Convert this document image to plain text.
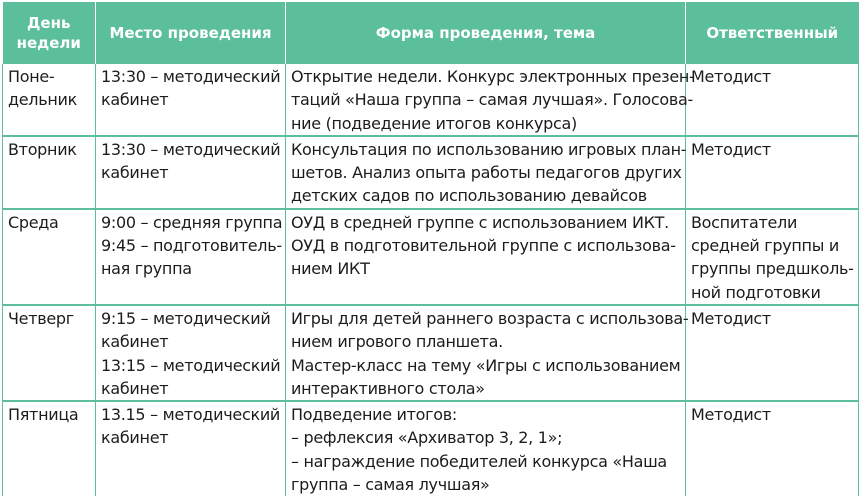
День
недели	Место проведения	Форма проведения, тема	Ответственный

Поне-
дельник	13:30 – методический
кабинет	Открытие недели. Конкурс электронных презен-
таций «Наша группа – самая лучшая». Голосова-
ние (подведение итогов конкурса)	Методист

Вторник	13:30 – методический
кабинет	Консультация по использованию игровых план-
шетов. Анализ опыта работы педагогов других
детских садов по использованию девайсов	Методист

Среда	9:00 – средняя группа
9:45 – подготовитель-
ная группа	ОУД в средней группе с использованием ИКТ.
ОУД в подготовительной группе с использова-
нием ИКТ	Воспитатели
средней группы и
группы предшколь-
ной подготовки

Четверг	9:15 – методический
кабинет
13:15 – методический
кабинет	Игры для детей раннего возраста с использова-
нием игрового планшета.
Мастер-класс на тему «Игры с использованием
интерактивного стола»	Методист

Пятница	13.15 – методический
кабинет	Подведение итогов:
– рефлексия «Архиватор 3, 2, 1»;
– награждение победителей конкурса «Наша
группа – самая лучшая»	Методист
